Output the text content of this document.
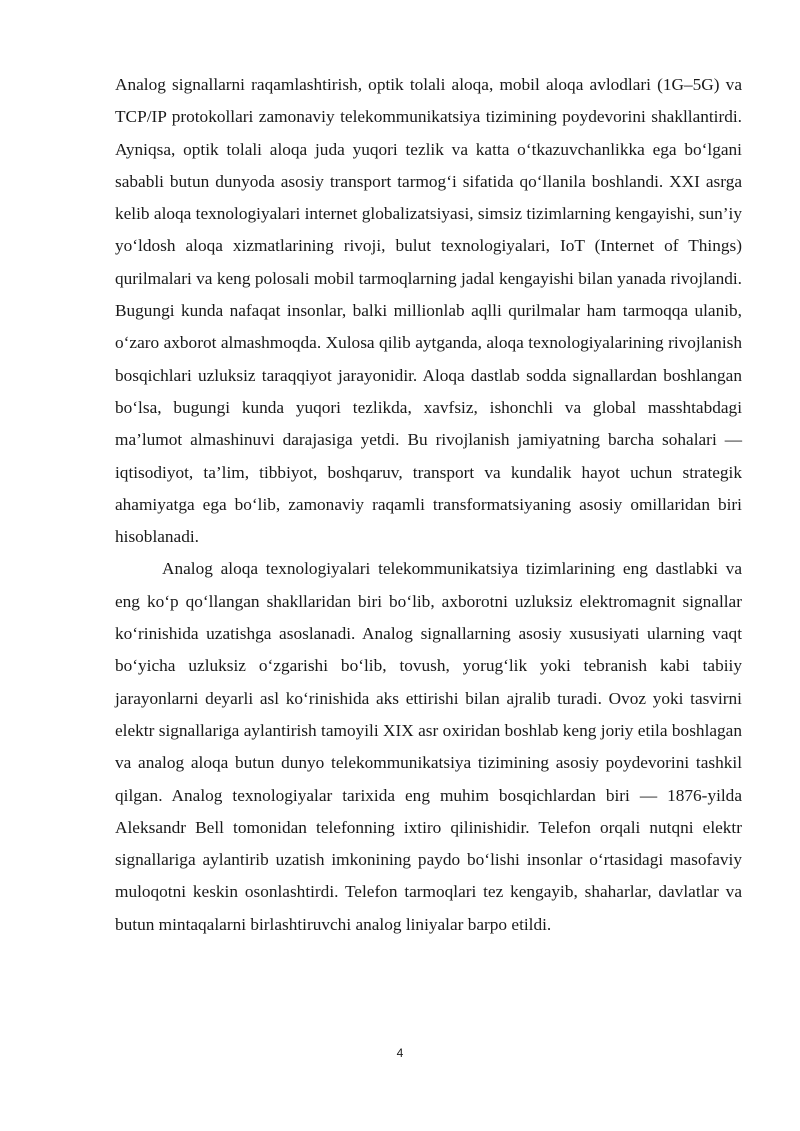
Analog signallarni raqamlashtirish, optik tolali aloqa, mobil aloqa avlodlari (1G–5G) va TCP/IP protokollari zamonaviy telekommunikatsiya tizimining poydevorini shakllantirdi. Ayniqsa, optik tolali aloqa juda yuqori tezlik va katta o‘tkazuvchanlikka ega bo‘lgani sababli butun dunyoda asosiy transport tarmog‘i sifatida qo‘llanila boshlandi. XXI asrga kelib aloqa texnologiyalari internet globalizatsiyasi, simsiz tizimlarning kengayishi, sun’iy yo‘ldosh aloqa xizmatlarining rivoji, bulut texnologiyalari, IoT (Internet of Things) qurilmalari va keng polosali mobil tarmoqlarning jadal kengayishi bilan yanada rivojlandi. Bugungi kunda nafaqat insonlar, balki millionlab aqlli qurilmalar ham tarmoqqa ulanib, o‘zaro axborot almashmoqda. Xulosa qilib aytganda, aloqa texnologiyalarining rivojlanish bosqichlari uzluksiz taraqqiyot jarayonidir. Aloqa dastlab sodda signallardan boshlangan bo‘lsa, bugungi kunda yuqori tezlikda, xavfsiz, ishonchli va global masshtabdagi ma’lumot almashinuvi darajasiga yetdi. Bu rivojlanish jamiyatning barcha sohalari — iqtisodiyot, ta’lim, tibbiyot, boshqaruv, transport va kundalik hayot uchun strategik ahamiyatga ega bo‘lib, zamonaviy raqamli transformatsiyaning asosiy omillaridan biri hisoblanadi.

Analog aloqa texnologiyalari telekommunikatsiya tizimlarining eng dastlabki va eng ko‘p qo‘llangan shakllaridan biri bo‘lib, axborotni uzluksiz elektromagnit signallar ko‘rinishida uzatishga asoslanadi. Analog signallarning asosiy xususiyati ularning vaqt bo‘yicha uzluksiz o‘zgarishi bo‘lib, tovush, yorug‘lik yoki tebranish kabi tabiiy jarayonlarni deyarli asl ko‘rinishida aks ettirishi bilan ajralib turadi. Ovoz yoki tasvirni elektr signallariga aylantirish tamoyili XIX asr oxiridan boshlab keng joriy etila boshlagan va analog aloqa butun dunyo telekommunikatsiya tizimining asosiy poydevorini tashkil qilgan. Analog texnologiyalar tarixida eng muhim bosqichlardan biri — 1876-yilda Aleksandr Bell tomonidan telefonning ixtiro qilinishidir. Telefon orqali nutqni elektr signallariga aylantirib uzatish imkonining paydo bo‘lishi insonlar o‘rtasidagi masofaviy muloqotni keskin osonlashtirdi. Telefon tarmoqlari tez kengayib, shaharlar, davlatlar va butun mintaqalarni birlashtiruvchi analog liniyalar barpo etildi.

4
